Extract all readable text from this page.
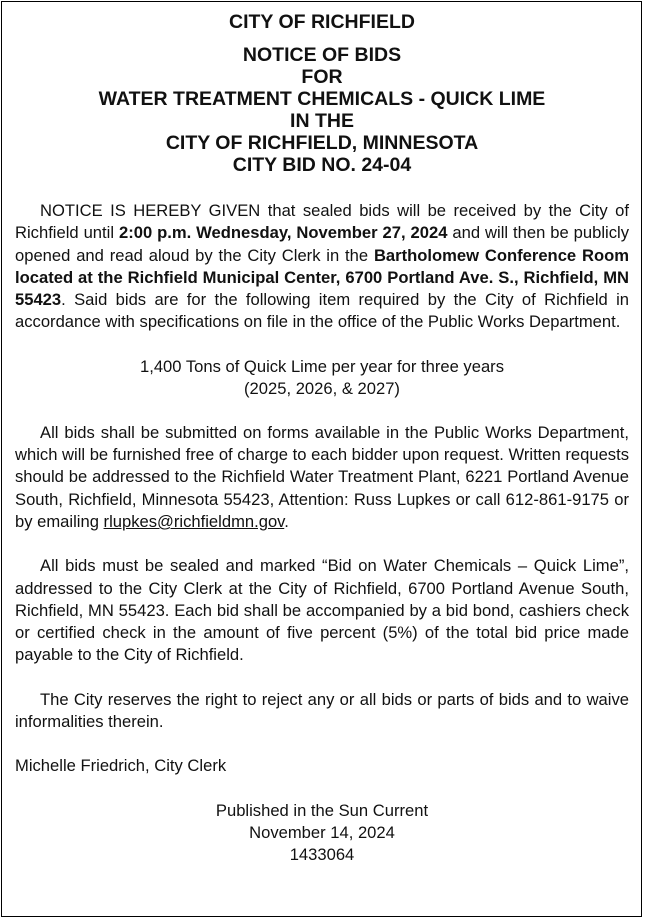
CITY OF RICHFIELD
NOTICE OF BIDS
FOR
WATER TREATMENT CHEMICALS - QUICK LIME
IN THE
CITY OF RICHFIELD, MINNESOTA
CITY BID NO. 24-04

NOTICE IS HEREBY GIVEN that sealed bids will be received by the City of Richfield until 2:00 p.m. Wednesday, November 27, 2024 and will then be publicly opened and read aloud by the City Clerk in the Bartholomew Conference Room located at the Richfield Municipal Center, 6700 Portland Ave. S., Richfield, MN 55423. Said bids are for the following item required by the City of Richfield in accordance with specifications on file in the office of the Public Works Department.

1,400 Tons of Quick Lime per year for three years
(2025, 2026, & 2027)

All bids shall be submitted on forms available in the Public Works Department, which will be furnished free of charge to each bidder upon request. Written requests should be addressed to the Richfield Water Treatment Plant, 6221 Portland Avenue South, Richfield, Minnesota 55423, Attention: Russ Lupkes or call 612-861-9175 or by emailing rlupkes@richfieldmn.gov.

All bids must be sealed and marked “Bid on Water Chemicals – Quick Lime”, addressed to the City Clerk at the City of Richfield, 6700 Portland Avenue South, Richfield, MN 55423. Each bid shall be accompanied by a bid bond, cashiers check or certified check in the amount of five percent (5%) of the total bid price made payable to the City of Richfield.

The City reserves the right to reject any or all bids or parts of bids and to waive informalities therein.

Michelle Friedrich, City Clerk
Published in the Sun Current
November 14, 2024
1433064
